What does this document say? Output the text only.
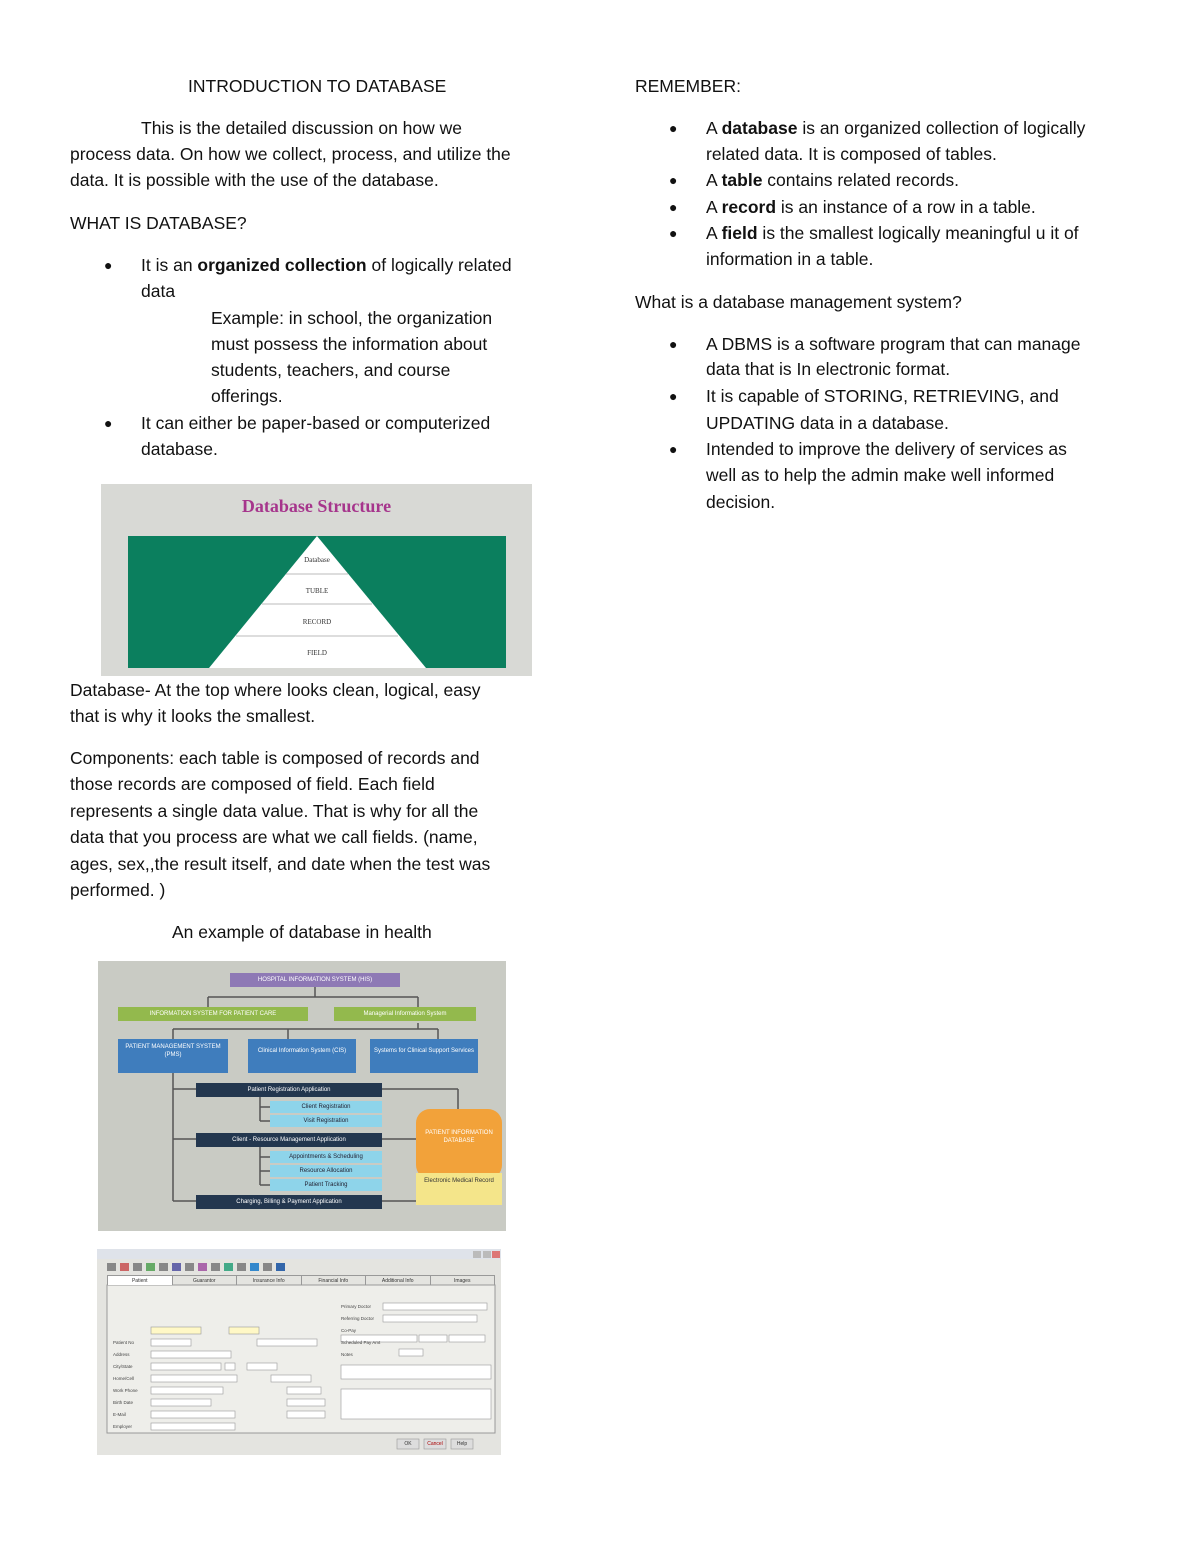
INTRODUCTION TO DATABASE
This is the detailed discussion on how we
process data. On how we collect, process, and utilize the
data. It is possible with the use of the database.
WHAT IS DATABASE?
● It is an organized collection of logically related
data
Example: in school, the organization
must possess the information about
students, teachers, and course
offerings.
● It can either be paper-based or computerized
database.
Database Structure
Database
TUBLE
RECORD
FIELD
Database- At the top where looks clean, logical, easy
that is why it looks the smallest.
Components: each table is composed of records and
those records are composed of field. Each field
represents a single data value. That is why for all the
data that you process are what we call fields. (name,
ages, sex,,the result itself, and date when the test was
performed. )
An example of database in health
HOSPITAL INFORMATION SYSTEM (HIS)
INFORMATION SYSTEM FOR PATIENT CARE	Managerial Information System
PATIENT MANAGEMENT SYSTEM (PMS)
Clinical Information System (CIS)	Systems for Clinical Support Services
Patient Registration Application
Client Registration
Visit Registration
Client - Resource Management Application
Appointments & Scheduling
Resource Allocation
Patient Tracking
Charging, Billing & Payment Application
PATIENT INFORMATION DATABASE
Electronic Medical Record
Patient	Guarantor	Insurance Info	Financial Info	Additional Info	Images
Patient No
Address
City/State
Home/Cell
Work Phone
Birth Date
E-Mail
Employer
Primary Doctor
Referring Doctor
Co-Pay
Scheduled Pay Amt
Notes
OK	Cancel	Help
REMEMBER:
● A database is an organized collection of logically
related data. It is composed of tables.
● A table contains related records.
● A record is an instance of a row in a table.
● A field is the smallest logically meaningful u it of
information in a table.
What is a database management system?
● A DBMS is a software program that can manage
data that is In electronic format.
● It is capable of STORING, RETRIEVING, and
UPDATING data in a database.
● Intended to improve the delivery of services as
well as to help the admin make well informed
decision.
